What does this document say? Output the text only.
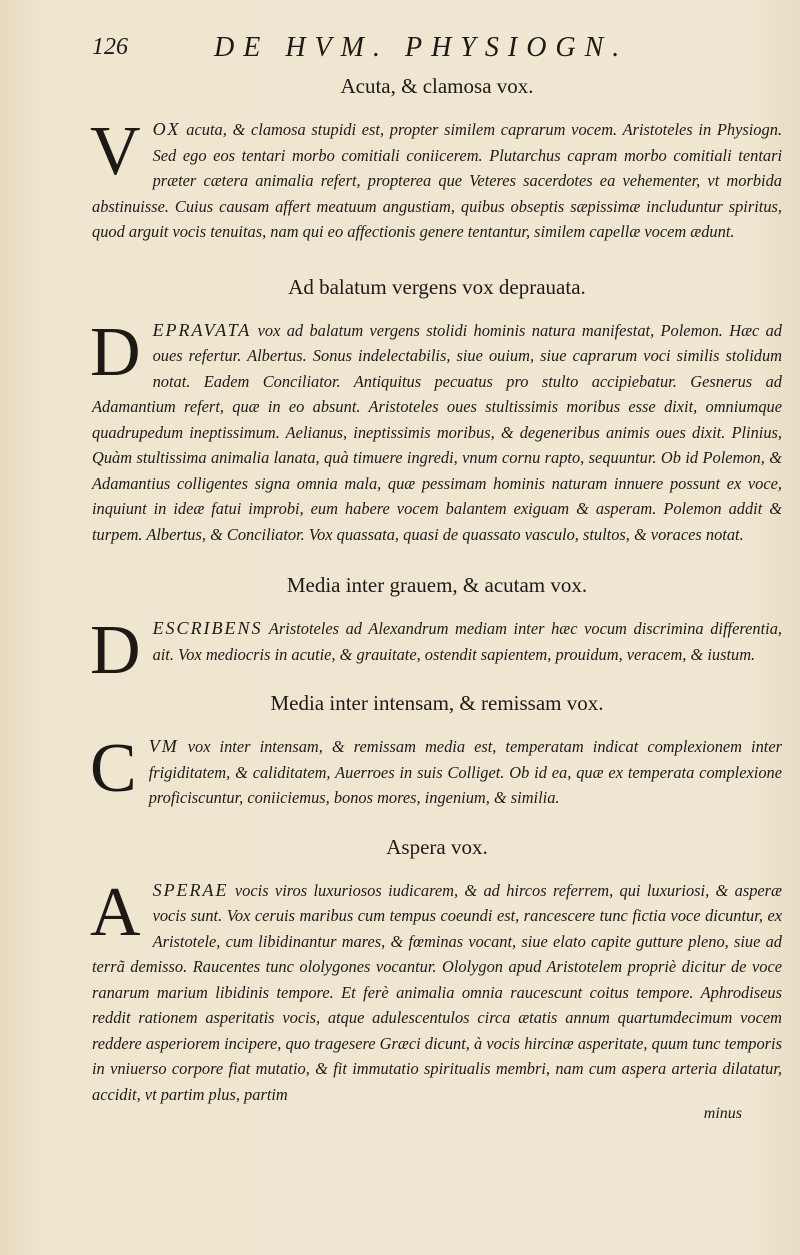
126	DE HVM. PHYSIOGN.
Acuta, & clamosa vox.
V OX acuta, & clamosa stupidi est, propter similem caprarum vocem. Aristoteles in Physiogn. Sed ego eos tentari morbo comitiali coniicerem. Plutarchus capram morbo comitiali tentari præter cætera animalia refert, propterea que Veteres sacerdotes ea vehementer, vt morbida abstinuisse. Cuius causam affert meatuum angustiam, quibus obseptis sæpissimæ includuntur spiritus, quod arguit vocis tenuitas, nam qui eo affectionis genere tentantur, similem capellæ vocem ædunt.
Ad balatum vergens vox deprauata.
D EPRAVATA vox ad balatum vergens stolidi hominis natura manifestat, Polemon. Hæc ad oues refertur. Albertus. Sonus indelectabilis, siue ouium, siue caprarum voci similis stolidum notat. Eadem Conciliator. Antiquitus pecuatus pro stulto accipiebatur. Gesnerus ad Adamantium refert, quæ in eo absunt. Aristoteles oues stultissimis moribus esse dixit, omniumque quadrupedum ineptissimum. Aelianus, ineptissimis moribus, & degeneribus animis oues dixit. Plinius, Quàm stultissima animalia lanata, quà timuere ingredi, vnum cornu rapto, sequuntur. Ob id Polemon, & Adamantius colligentes signa omnia mala, quæ pessimam hominis naturam innuere possunt ex voce, inquiunt in ideæ fatui improbi, eum habere vocem balantem exiguam & asperam. Polemon addit & turpem. Albertus, & Conciliator. Vox quassata, quasi de quassato vasculo, stultos, & voraces notat.
Media inter grauem, & acutam vox.
D ESCRIBENS Aristoteles ad Alexandrum mediam inter hæc vocum discrimina differentia, ait. Vox mediocris in acutie, & grauitate, ostendit sapientem, prouidum, veracem, & iustum.
Media inter intensam, & remissam vox.
C VM vox inter intensam, & remissam media est, temperatam indicat complexionem inter frigiditatem, & caliditatem, Auerroes in suis Colliget. Ob id ea, quæ ex temperata complexione proficiscuntur, coniiciemus, bonos mores, ingenium, & similia.
Aspera vox.
A SPERAE vocis viros luxuriosos iudicarem, & ad hircos referrem, qui luxuriosi, & asperæ vocis sunt. Vox ceruis maribus cum tempus coeundi est, rancescere tunc fictia voce dicuntur, ex Aristotele, cum libidinantur mares, & fœminas vocant, siue elato capite gutture pleno, siue ad terrã demisso. Raucentes tunc ololygones vocantur. Ololygon apud Aristotelem propriè dicitur de voce ranarum marium libidinis tempore. Et ferè animalia omnia raucescunt coitus tempore. Aphrodiseus reddit rationem asperitatis vocis, atque adulescentulos circa ætatis annum quartumdecimum vocem reddere asperiorem incipere, quo tragesere Græci dicunt, à vocis hircinæ asperitate, quum tunc temporis in vniuerso corpore fiat mutatio, & fit immutatio spiritualis membri, nam cum aspera arteria dilatatur, accidit, vt partim plus, partim
minus
